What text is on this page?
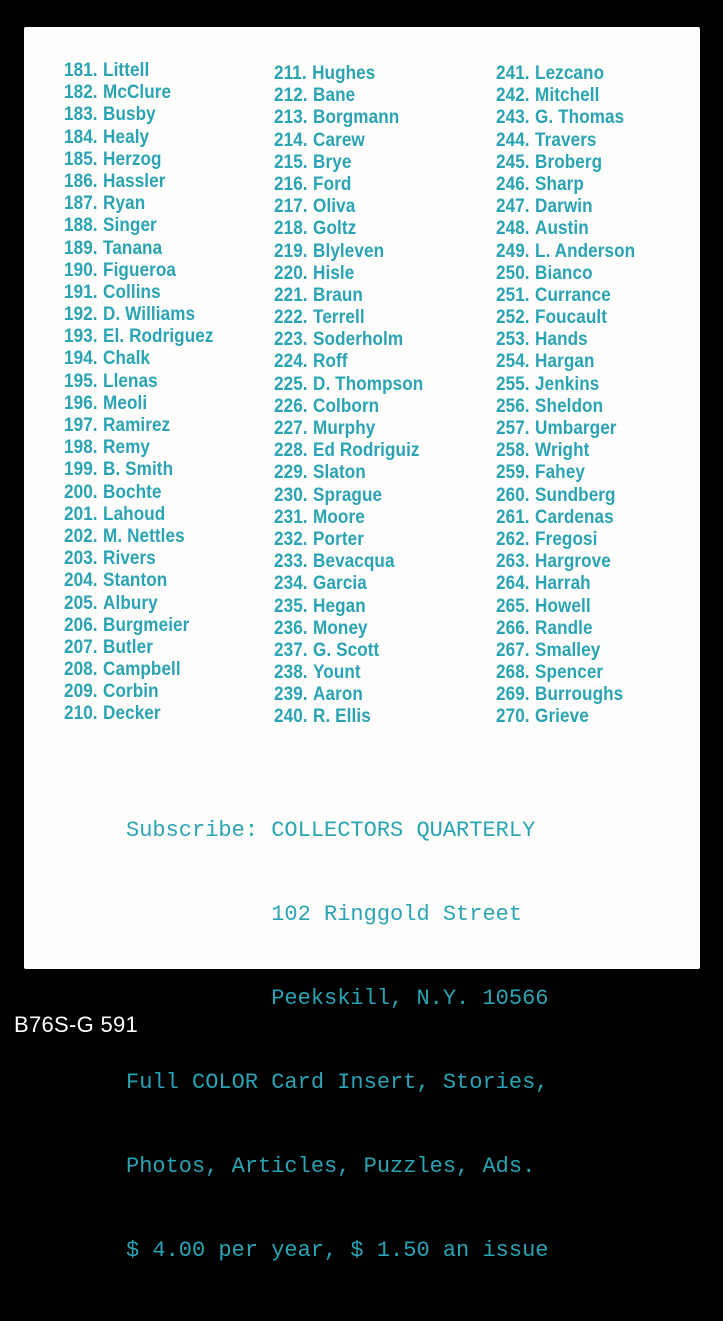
181. Littell
182. McClure
183. Busby
184. Healy
185. Herzog
186. Hassler
187. Ryan
188. Singer
189. Tanana
190. Figueroa
191. Collins
192. D. Williams
193. El. Rodriguez
194. Chalk
195. Llenas
196. Meoli
197. Ramirez
198. Remy
199. B. Smith
200. Bochte
201. Lahoud
202. M. Nettles
203. Rivers
204. Stanton
205. Albury
206. Burgmeier
207. Butler
208. Campbell
209. Corbin
210. Decker
211. Hughes
212. Bane
213. Borgmann
214. Carew
215. Brye
216. Ford
217. Oliva
218. Goltz
219. Blyleven
220. Hisle
221. Braun
222. Terrell
223. Soderholm
224. Roff
225. D. Thompson
226. Colborn
227. Murphy
228. Ed Rodriguiz
229. Slaton
230. Sprague
231. Moore
232. Porter
233. Bevacqua
234. Garcia
235. Hegan
236. Money
237. G. Scott
238. Yount
239. Aaron
240. R. Ellis
241. Lezcano
242. Mitchell
243. G. Thomas
244. Travers
245. Broberg
246. Sharp
247. Darwin
248. Austin
249. L. Anderson
250. Bianco
251. Currance
252. Foucault
253. Hands
254. Hargan
255. Jenkins
256. Sheldon
257. Umbarger
258. Wright
259. Fahey
260. Sundberg
261. Cardenas
262. Fregosi
263. Hargrove
264. Harrah
265. Howell
266. Randle
267. Smalley
268. Spencer
269. Burroughs
270. Grieve

Subscribe: COLLECTORS QUARTERLY

102 Ringgold Street

Peekskill, N.Y. 10566

Full COLOR Card Insert, Stories,

Photos, Articles, Puzzles, Ads.

$ 4.00 per year, $ 1.50 an issue

B76S-G 591
